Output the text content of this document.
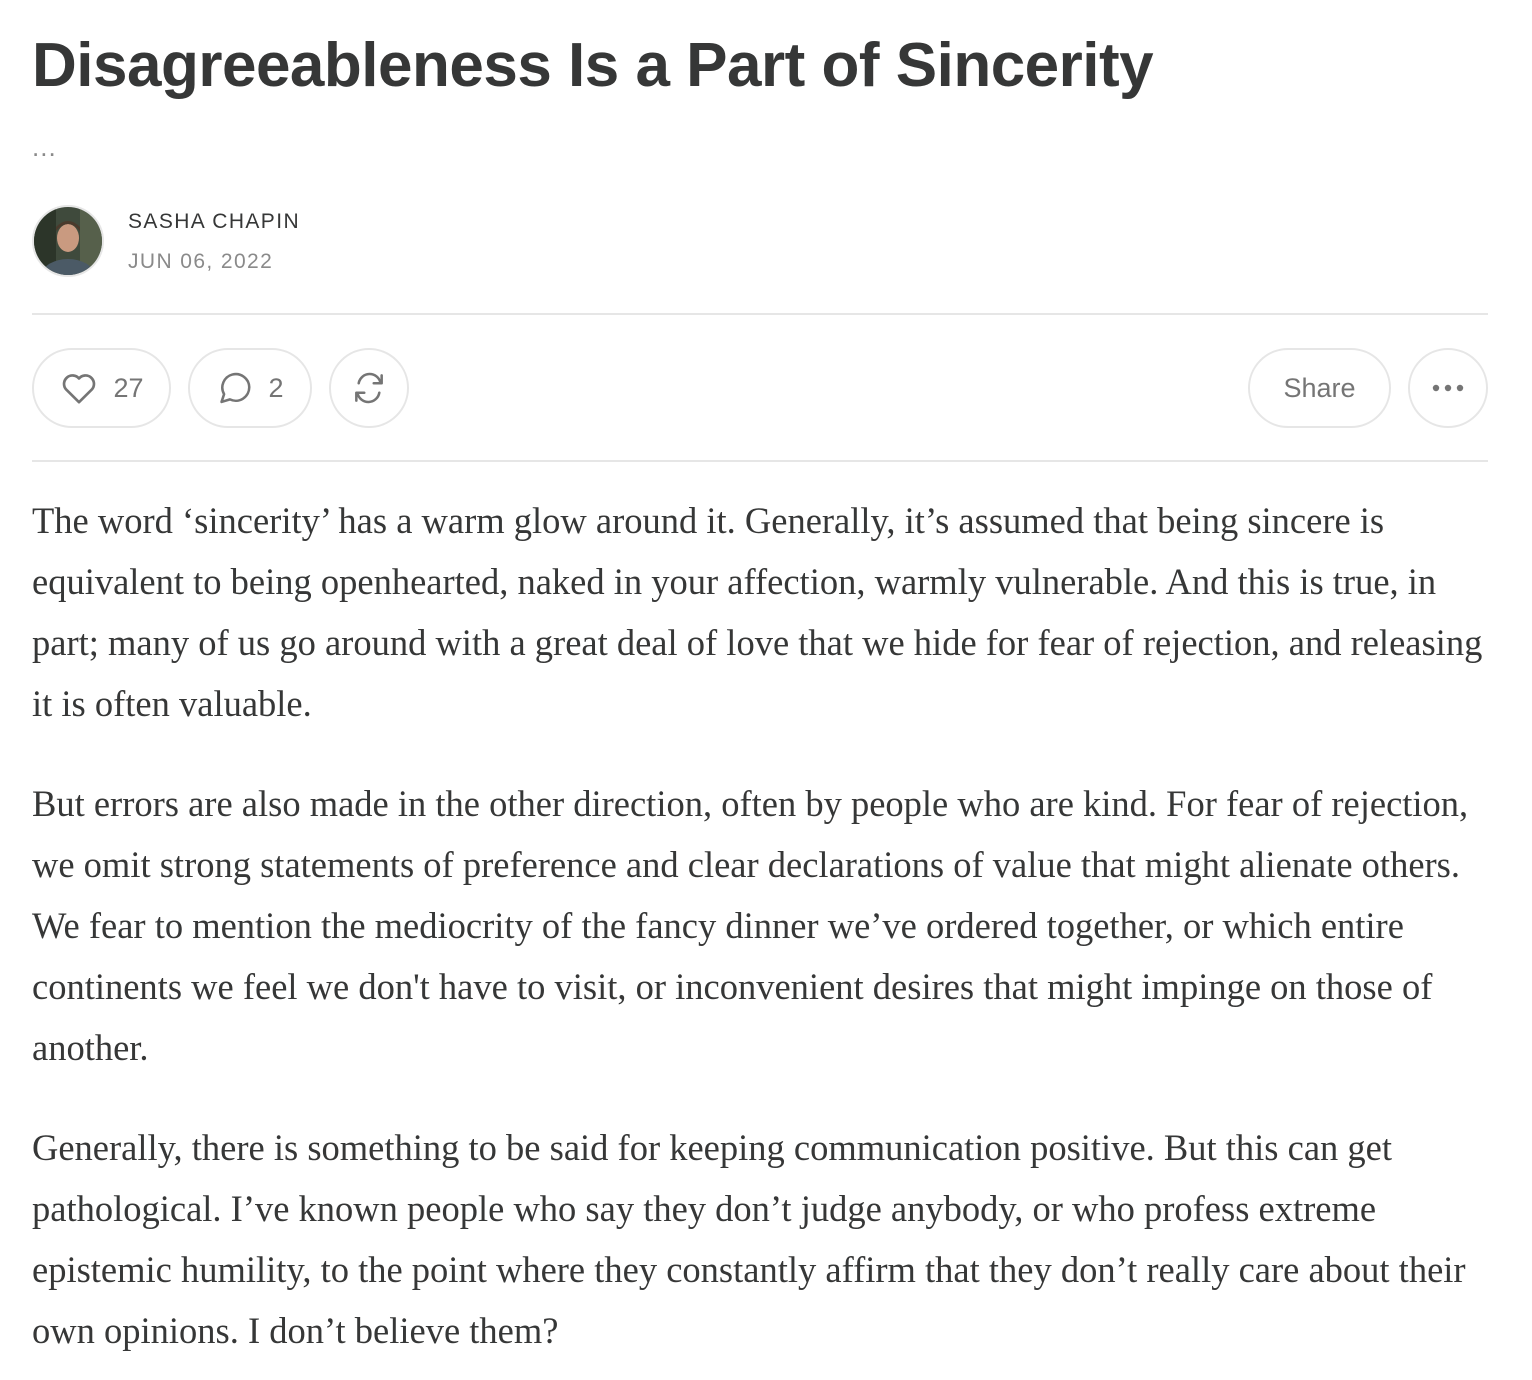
Disagreeableness Is a Part of Sincerity
...
SASHA CHAPIN
JUN 06, 2022
27	2	Share

The word ‘sincerity’ has a warm glow around it. Generally, it’s assumed that being sincere is equivalent to being openhearted, naked in your affection, warmly vulnerable. And this is true, in part; many of us go around with a great deal of love that we hide for fear of rejection, and releasing it is often valuable.

But errors are also made in the other direction, often by people who are kind. For fear of rejection, we omit strong statements of preference and clear declarations of value that might alienate others. We fear to mention the mediocrity of the fancy dinner we’ve ordered together, or which entire continents we feel we don't have to visit, or inconvenient desires that might impinge on those of another.

Generally, there is something to be said for keeping communication positive. But this can get pathological. I’ve known people who say they don’t judge anybody, or who profess extreme epistemic humility, to the point where they constantly affirm that they don’t really care about their own opinions. I don’t believe them?
